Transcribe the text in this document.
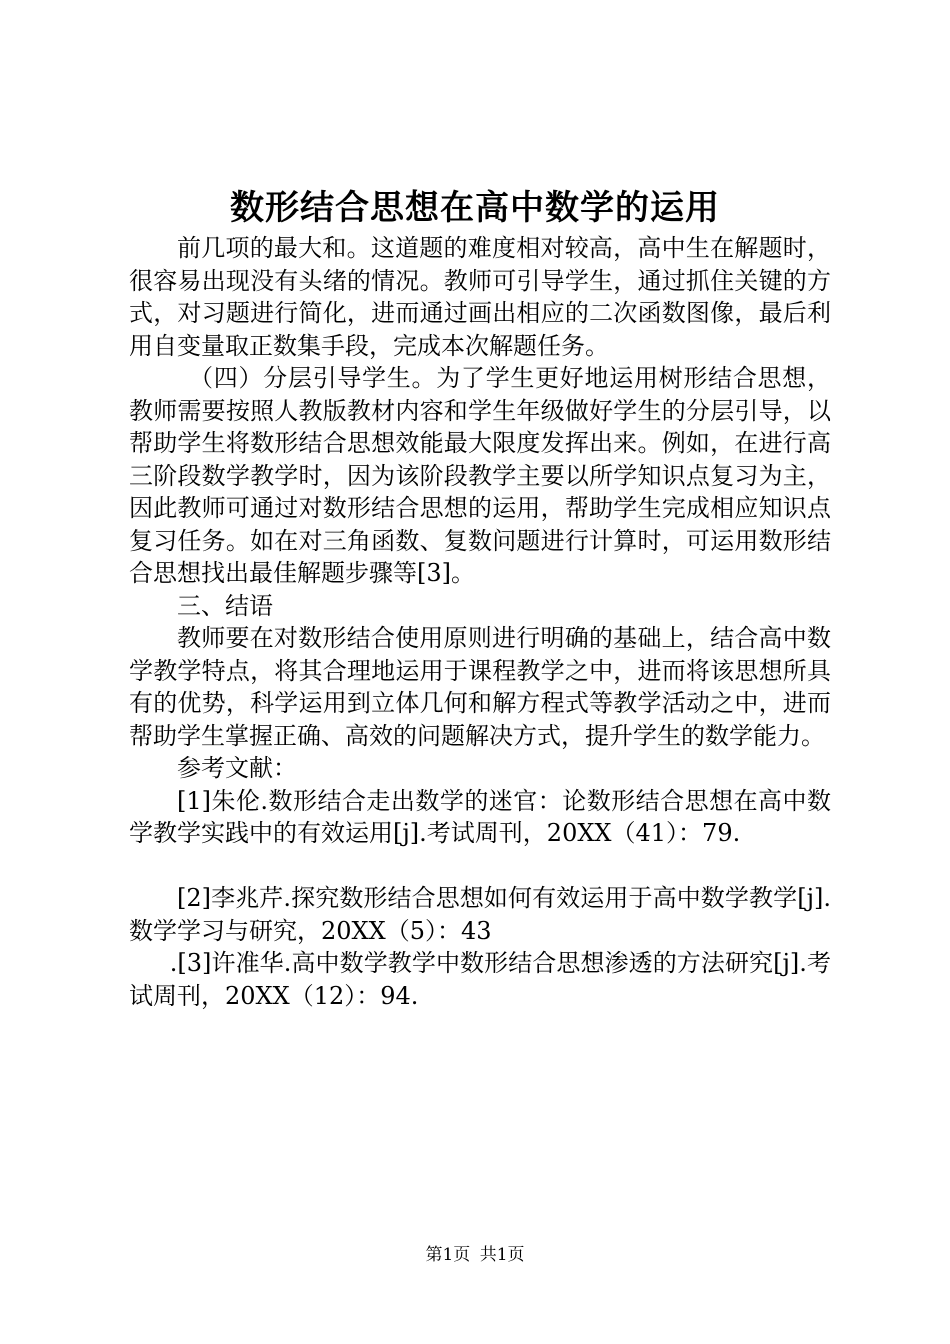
数形结合思想在高中数学的运用

前几项的最大和。这道题的难度相对较高，高中生在解题时，很容易出现没有头绪的情况。教师可引导学生，通过抓住关键的方式，对习题进行简化，进而通过画出相应的二次函数图像，最后利用自变量取正数集手段，完成本次解题任务。

（四）分层引导学生。为了学生更好地运用树形结合思想，教师需要按照人教版教材内容和学生年级做好学生的分层引导，以帮助学生将数形结合思想效能最大限度发挥出来。例如，在进行高三阶段数学教学时，因为该阶段教学主要以所学知识点复习为主，因此教师可通过对数形结合思想的运用，帮助学生完成相应知识点复习任务。如在对三角函数、复数问题进行计算时，可运用数形结合思想找出最佳解题步骤等[3]。

三、结语

教师要在对数形结合使用原则进行明确的基础上，结合高中数学教学特点，将其合理地运用于课程教学之中，进而将该思想所具有的优势，科学运用到立体几何和解方程式等教学活动之中，进而帮助学生掌握正确、高效的问题解决方式，提升学生的数学能力。

参考文献：

[1]朱伦.数形结合走出数学的迷官：论数形结合思想在高中数学教学实践中的有效运用[j].考试周刊，20XX（41）：79.

[2]李兆芹.探究数形结合思想如何有效运用于高中数学教学[j].数学学习与研究，20XX（5）：43

.[3]许准华.高中数学教学中数形结合思想渗透的方法研究[j].考试周刊，20XX（12）：94.

第1页 共1页
